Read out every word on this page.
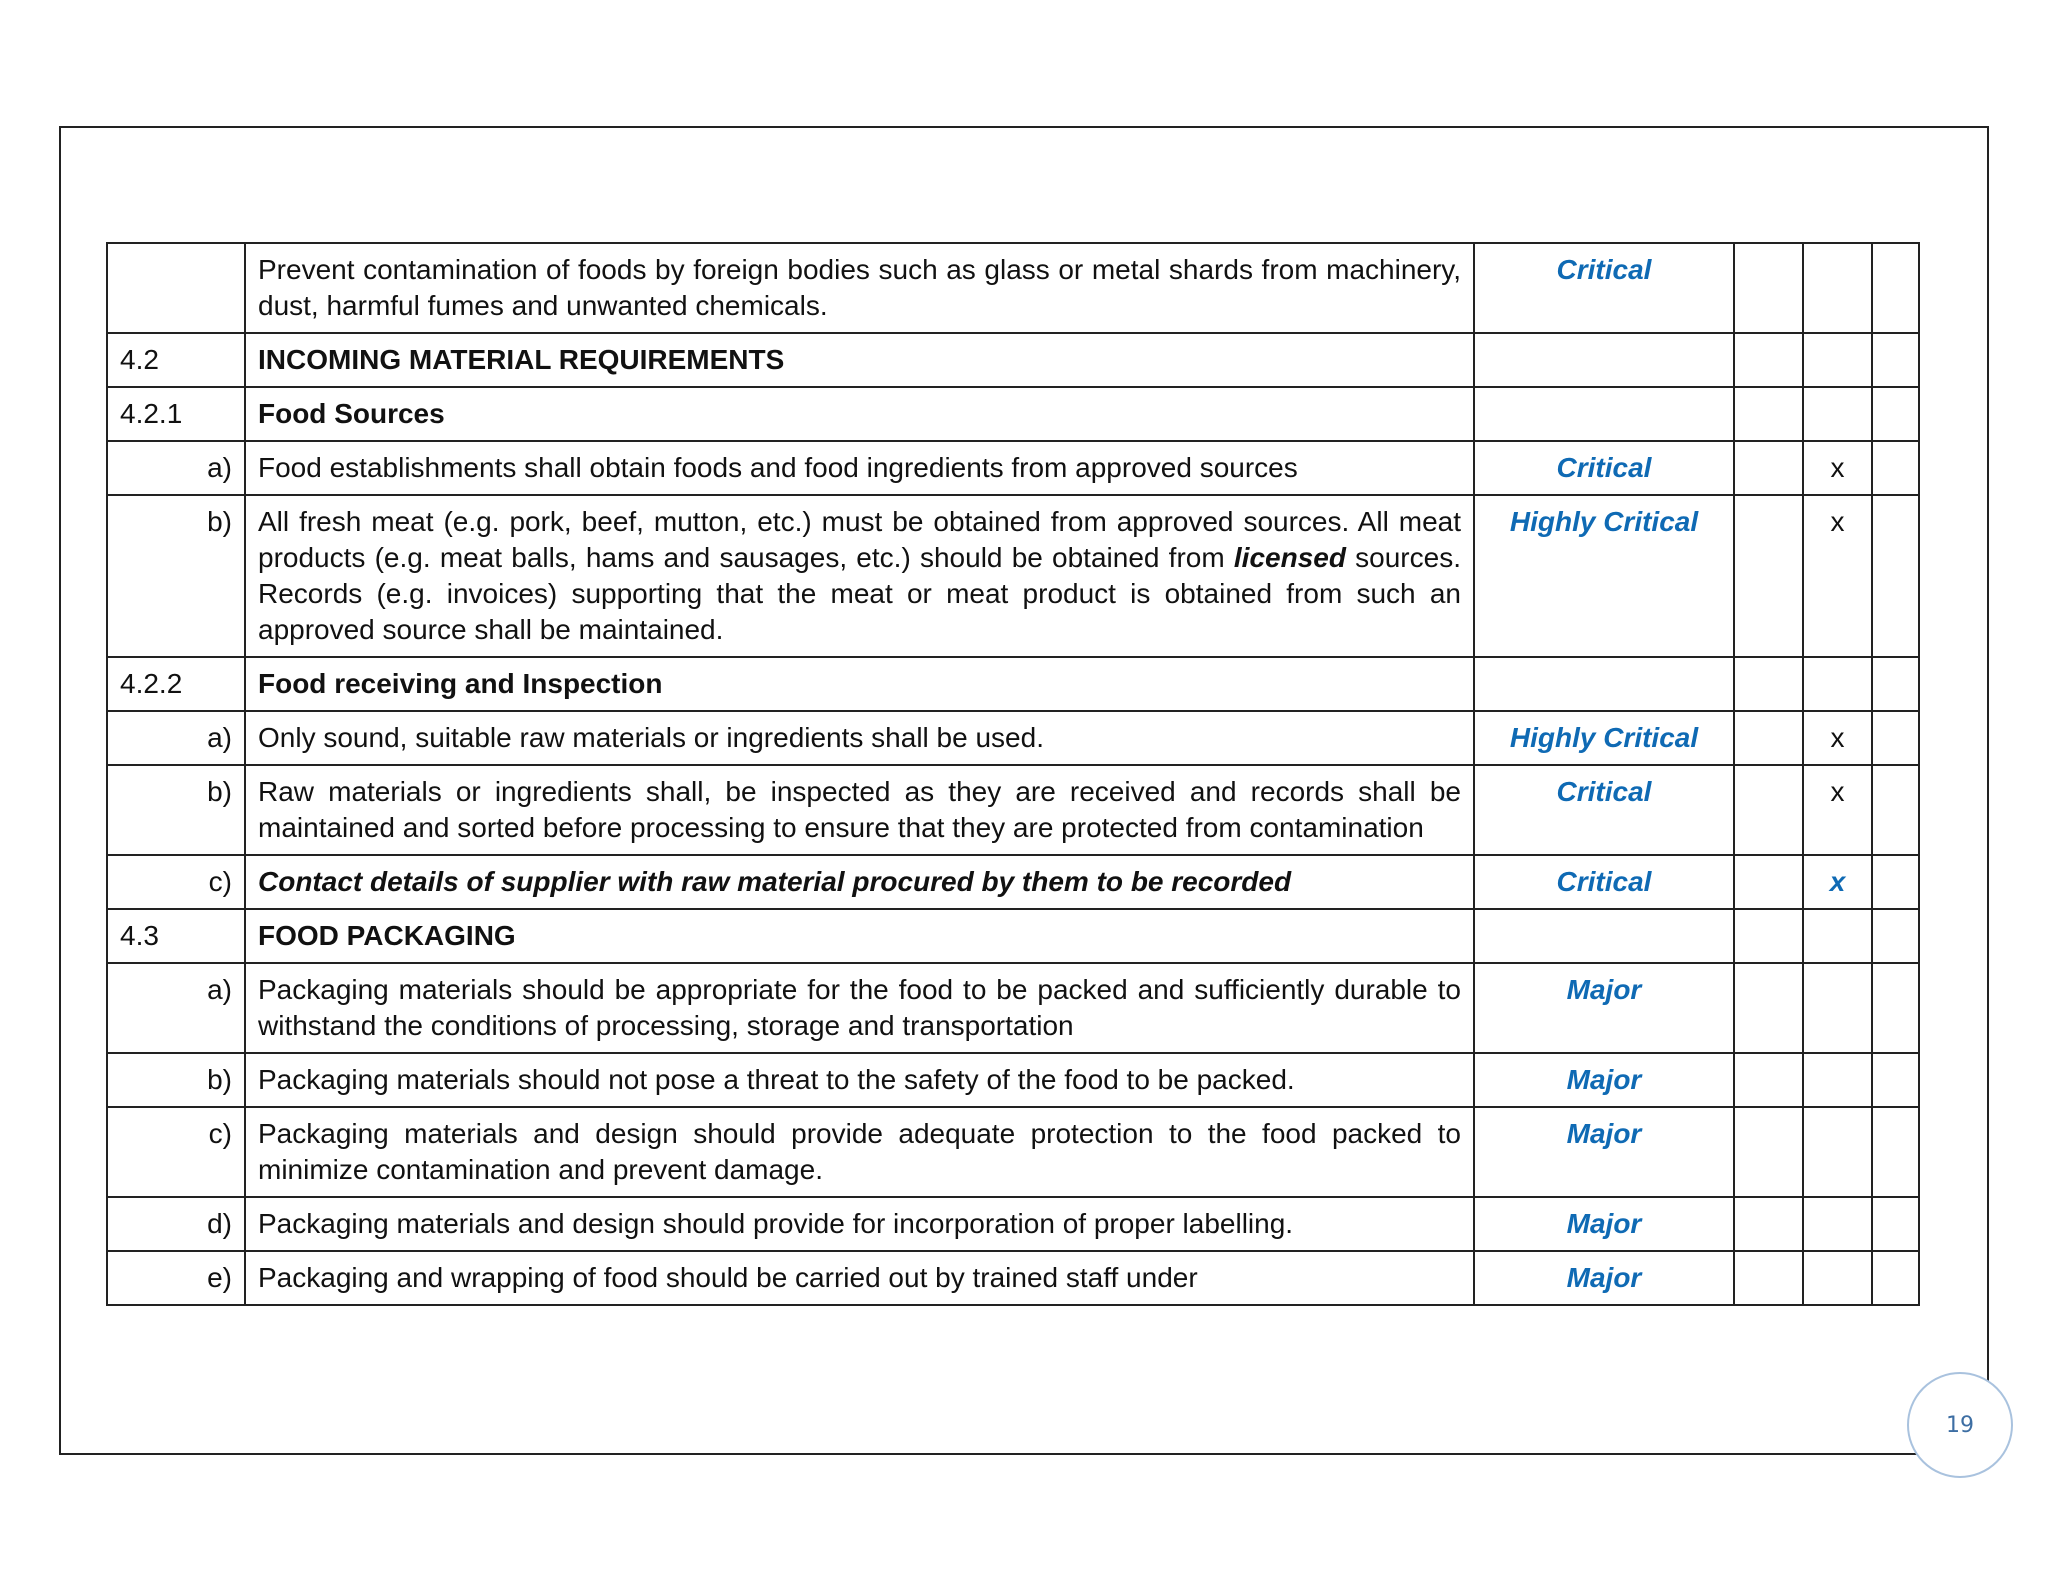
	Prevent contamination of foods by foreign bodies such as glass or metal shards from machinery, dust, harmful fumes and unwanted chemicals.	Critical			
4.2	INCOMING MATERIAL REQUIREMENTS				
4.2.1	Food Sources				
a)	Food establishments shall obtain foods and food ingredients from approved sources	Critical		x	
b)	All fresh meat (e.g. pork, beef, mutton, etc.) must be obtained from approved sources. All meat products (e.g. meat balls, hams and sausages, etc.) should be obtained from licensed sources. Records (e.g. invoices) supporting that the meat or meat product is obtained from such an approved source shall be maintained.	Highly Critical		x	
4.2.2	Food receiving and Inspection				
a)	Only sound, suitable raw materials or ingredients shall be used.	Highly Critical		x	
b)	Raw materials or ingredients shall, be inspected as they are received and records shall be maintained and sorted before processing to ensure that they are protected from contamination	Critical		x	
c)	Contact details of supplier with raw material procured by them to be recorded	Critical		x	
4.3	FOOD PACKAGING				
a)	Packaging materials should be appropriate for the food to be packed and sufficiently durable to withstand the conditions of processing, storage and transportation	Major			
b)	Packaging materials should not pose a threat to the safety of the food to be packed.	Major			
c)	Packaging materials and design should provide adequate protection to the food packed to minimize contamination and prevent damage.	Major			
d)	Packaging materials and design should provide for incorporation of proper labelling.	Major			
e)	Packaging and wrapping of food should be carried out by trained staff under	Major			
19
